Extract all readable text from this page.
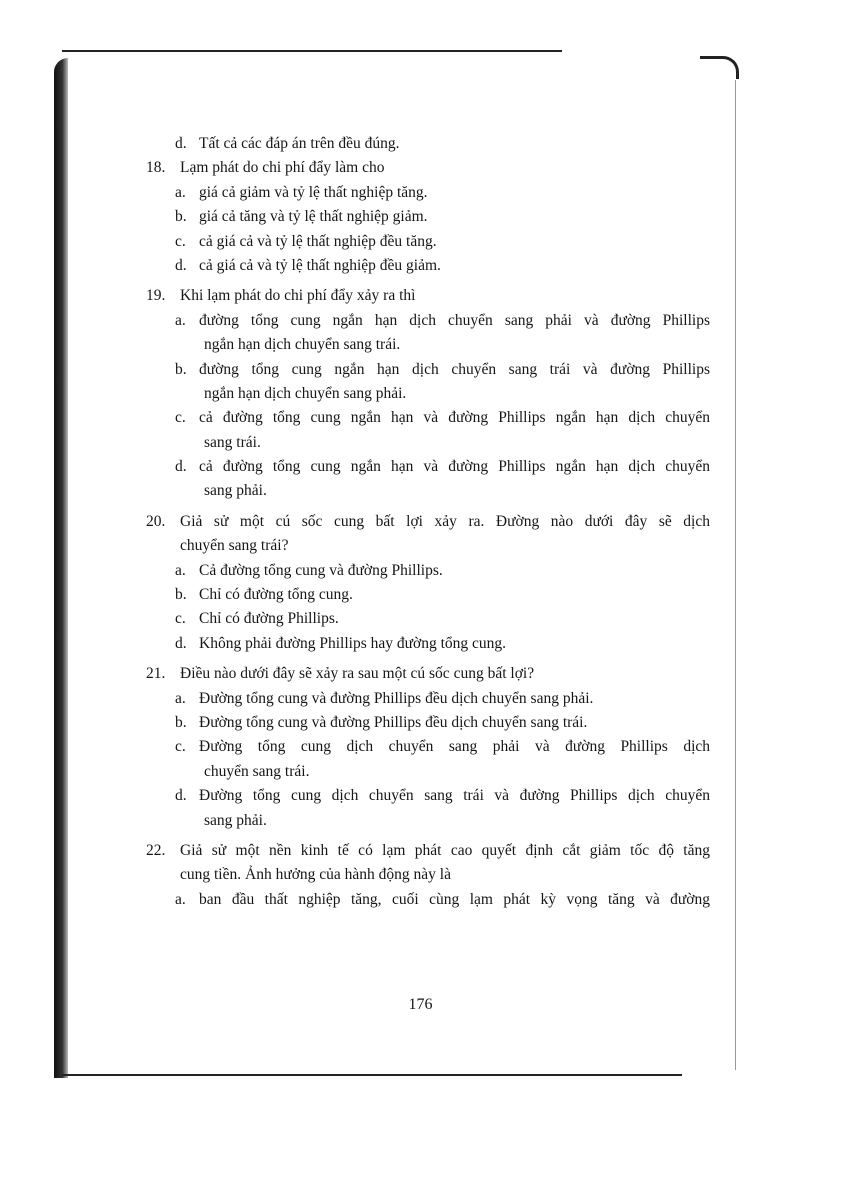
d. Tất cả các đáp án trên đều đúng.
18. Lạm phát do chi phí đẩy làm cho
a. giá cả giảm và tỷ lệ thất nghiệp tăng.
b. giá cả tăng và tỷ lệ thất nghiệp giảm.
c. cả giá cả và tỷ lệ thất nghiệp đều tăng.
d. cả giá cả và tỷ lệ thất nghiệp đều giảm.
19. Khi lạm phát do chi phí đẩy xảy ra thì
a. đường tổng cung ngắn hạn dịch chuyển sang phải và đường Phillips
ngắn hạn dịch chuyển sang trái.
b. đường tổng cung ngắn hạn dịch chuyển sang trái và đường Phillips
ngắn hạn dịch chuyển sang phải.
c. cả đường tổng cung ngắn hạn và đường Phillips ngắn hạn dịch chuyển
sang trái.
d. cả đường tổng cung ngắn hạn và đường Phillips ngắn hạn dịch chuyển
sang phải.
20. Giả sử một cú sốc cung bất lợi xảy ra. Đường nào dưới đây sẽ dịch
chuyển sang trái?
a. Cả đường tổng cung và đường Phillips.
b. Chỉ có đường tổng cung.
c. Chỉ có đường Phillips.
d. Không phải đường Phillips hay đường tổng cung.
21. Điều nào dưới đây sẽ xảy ra sau một cú sốc cung bất lợi?
a. Đường tổng cung và đường Phillips đều dịch chuyển sang phải.
b. Đường tổng cung và đường Phillips đều dịch chuyển sang trái.
c. Đường tổng cung dịch chuyển sang phải và đường Phillips dịch
chuyển sang trái.
d. Đường tổng cung dịch chuyển sang trái và đường Phillips dịch chuyển
sang phải.
22. Giả sử một nền kinh tế có lạm phát cao quyết định cắt giảm tốc độ tăng
cung tiền. Ảnh hưởng của hành động này là
a. ban đầu thất nghiệp tăng, cuối cùng lạm phát kỳ vọng tăng và đường
176
